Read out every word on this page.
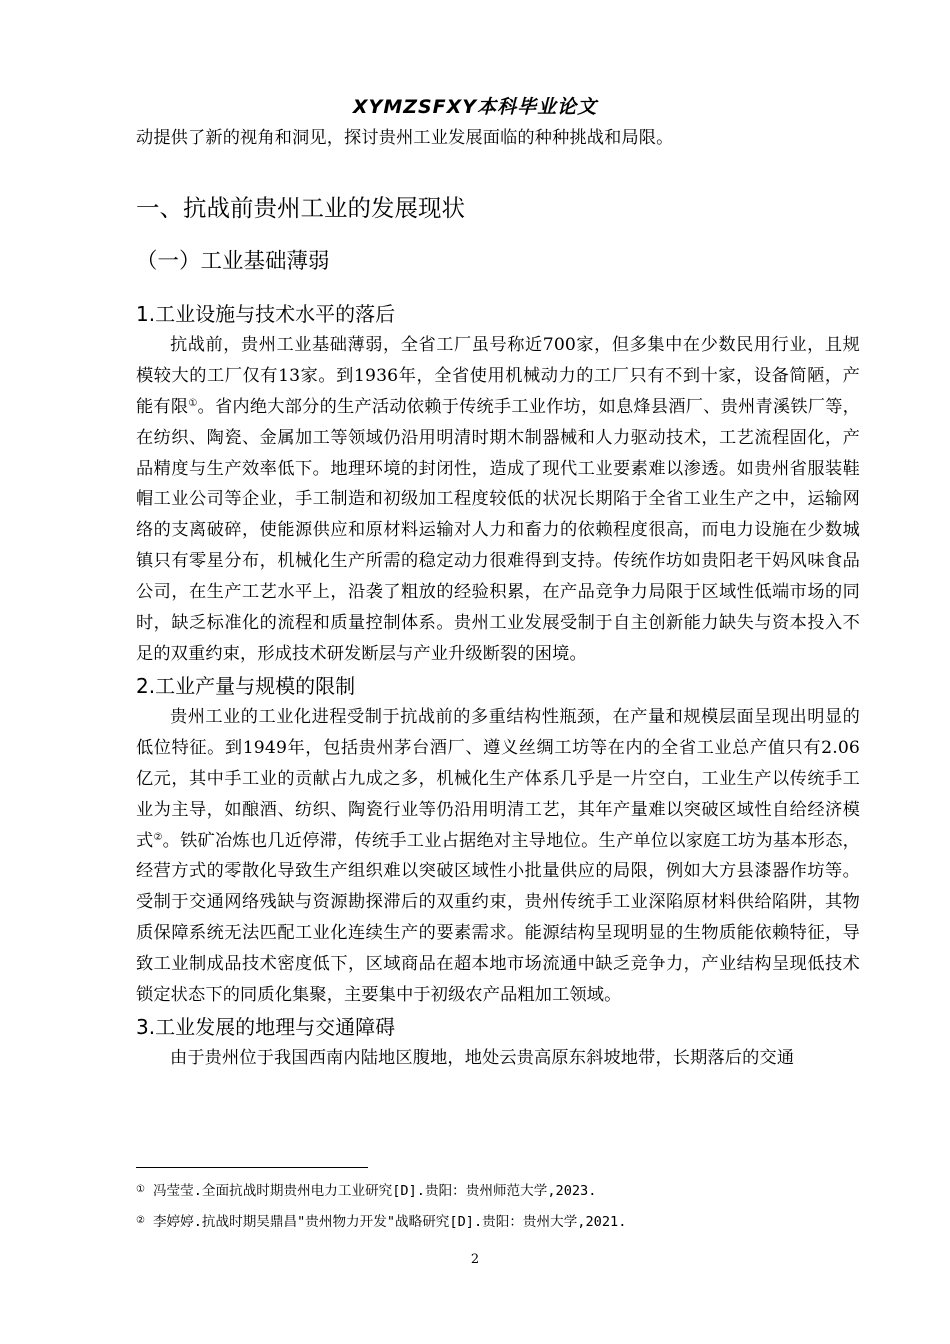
XYMZSFXY本科毕业论文

动提供了新的视角和洞见，探讨贵州工业发展面临的种种挑战和局限。

一、抗战前贵州工业的发展现状
（一）工业基础薄弱
1.工业设施与技术水平的落后

抗战前，贵州工业基础薄弱，全省工厂虽号称近700家，但多集中在少数民用行业，且规模较大的工厂仅有13家。到1936年，全省使用机械动力的工厂只有不到十家，设备简陋，产能有限①。省内绝大部分的生产活动依赖于传统手工业作坊，如息烽县酒厂、贵州青溪铁厂等，在纺织、陶瓷、金属加工等领域仍沿用明清时期木制器械和人力驱动技术，工艺流程固化，产品精度与生产效率低下。地理环境的封闭性，造成了现代工业要素难以渗透。如贵州省服装鞋帽工业公司等企业，手工制造和初级加工程度较低的状况长期陷于全省工业生产之中，运输网络的支离破碎，使能源供应和原材料运输对人力和畜力的依赖程度很高，而电力设施在少数城镇只有零星分布，机械化生产所需的稳定动力很难得到支持。传统作坊如贵阳老干妈风味食品公司，在生产工艺水平上，沿袭了粗放的经验积累，在产品竞争力局限于区域性低端市场的同时，缺乏标准化的流程和质量控制体系。贵州工业发展受制于自主创新能力缺失与资本投入不足的双重约束，形成技术研发断层与产业升级断裂的困境。

2.工业产量与规模的限制

贵州工业的工业化进程受制于抗战前的多重结构性瓶颈，在产量和规模层面呈现出明显的低位特征。到1949年，包括贵州茅台酒厂、遵义丝绸工坊等在内的全省工业总产值只有2.06亿元，其中手工业的贡献占九成之多，机械化生产体系几乎是一片空白，工业生产以传统手工业为主导，如酿酒、纺织、陶瓷行业等仍沿用明清工艺，其年产量难以突破区域性自给经济模式②。铁矿冶炼也几近停滞，传统手工业占据绝对主导地位。生产单位以家庭工坊为基本形态，经营方式的零散化导致生产组织难以突破区域性小批量供应的局限，例如大方县漆器作坊等。受制于交通网络残缺与资源勘探滞后的双重约束，贵州传统手工业深陷原材料供给陷阱，其物质保障系统无法匹配工业化连续生产的要素需求。能源结构呈现明显的生物质能依赖特征，导致工业制成品技术密度低下，区域商品在超本地市场流通中缺乏竞争力，产业结构呈现低技术锁定状态下的同质化集聚，主要集中于初级农产品粗加工领域。

3.工业发展的地理与交通障碍

由于贵州位于我国西南内陆地区腹地，地处云贵高原东斜坡地带，长期落后的交通

① 冯莹莹.全面抗战时期贵州电力工业研究[D].贵阳：贵州师范大学,2023.
② 李婷婷.抗战时期吴鼎昌"贵州物力开发"战略研究[D].贵阳：贵州大学,2021.
2
